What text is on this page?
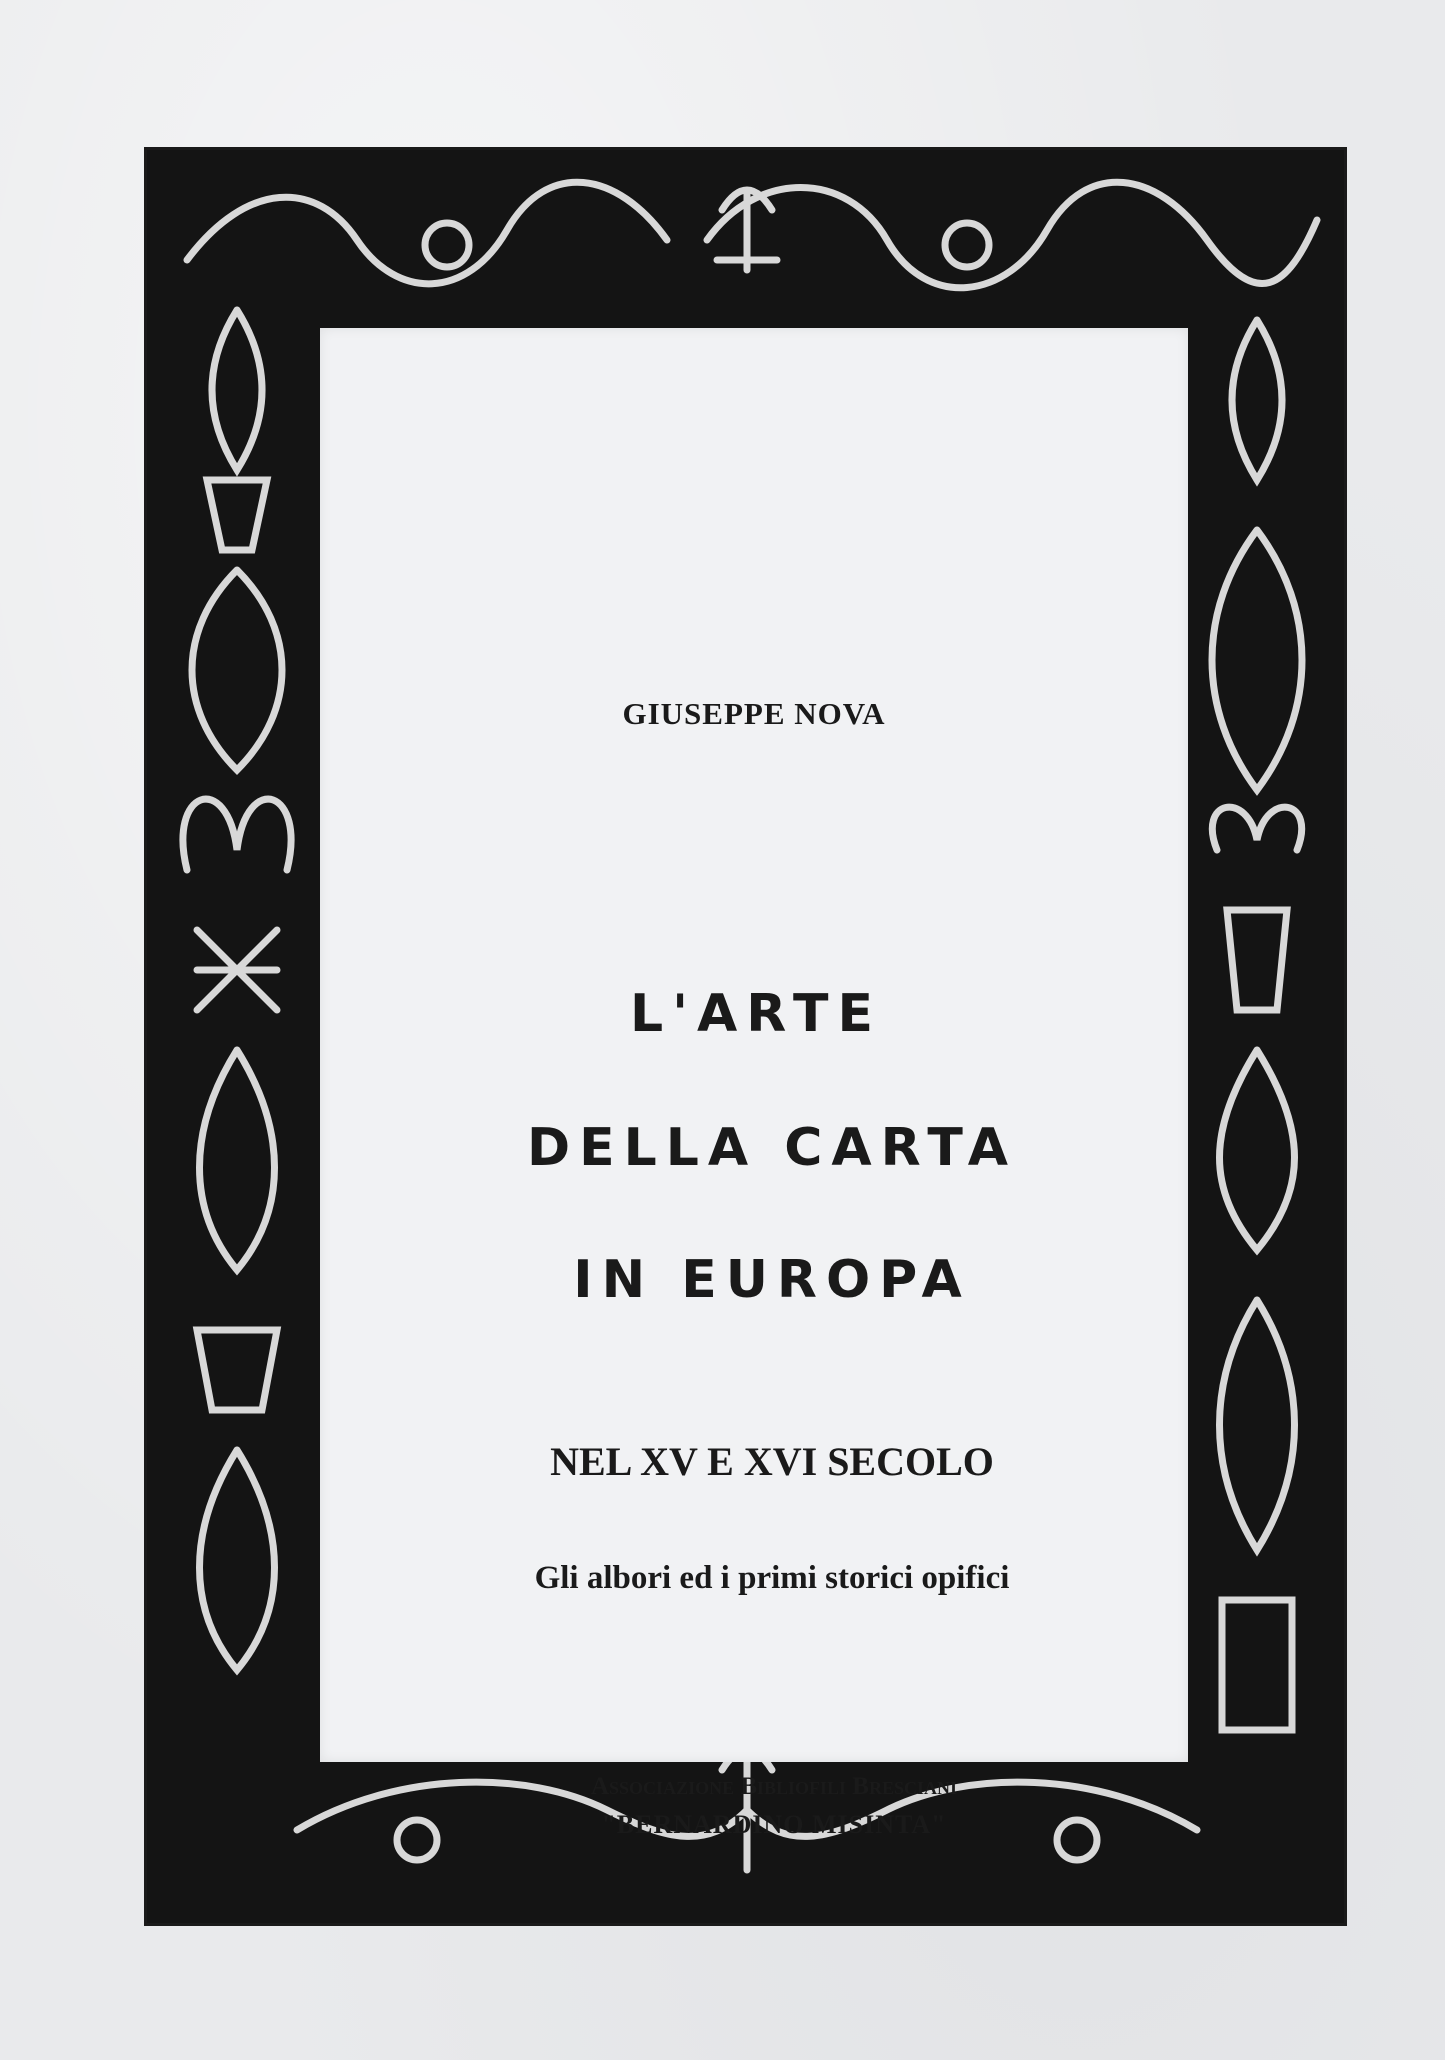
GIUSEPPE NOVA
L'ARTE
DELLA CARTA
IN EUROPA
NEL XV E XVI SECOLO
Gli albori ed i primi storici opifici
Associazione Bibliofili Bresciani
"BERNARDINO MISINTA"
